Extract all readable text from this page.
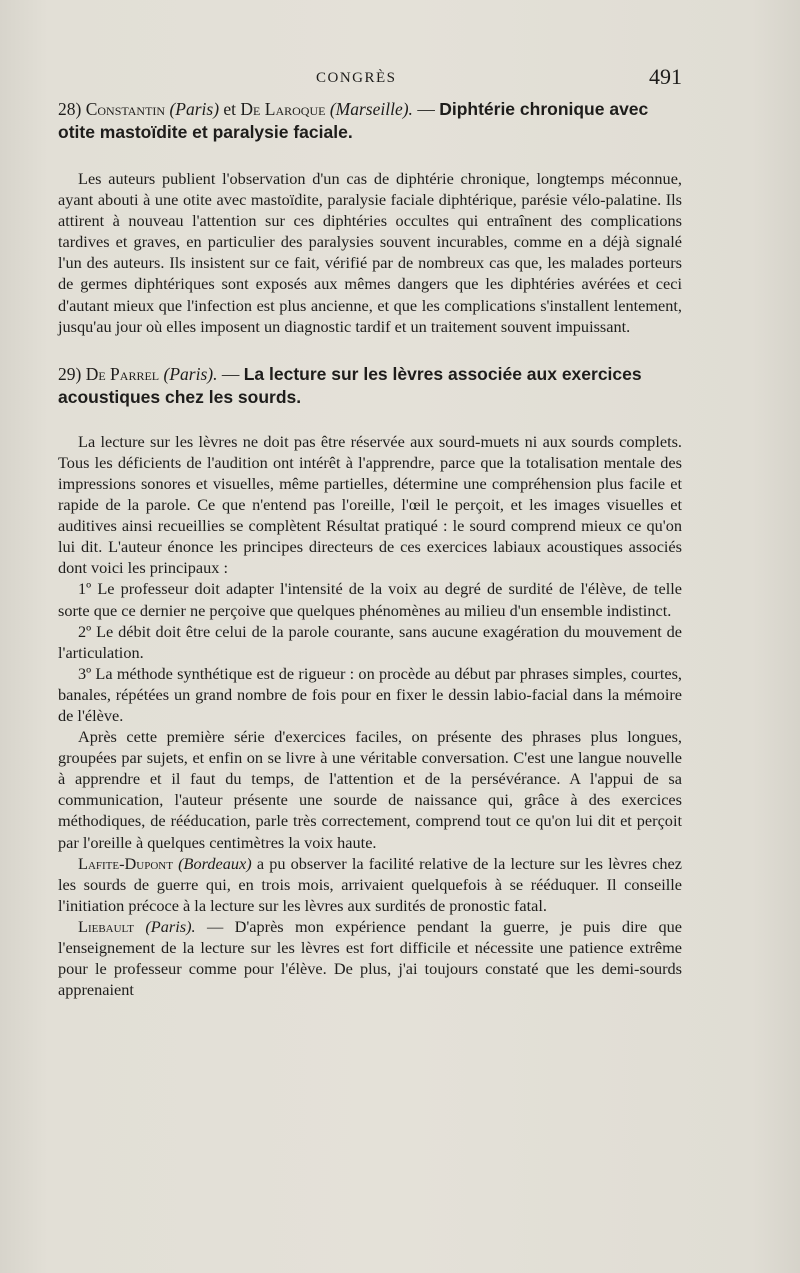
CONGRÈS	491
28) Constantin (Paris) et De Laroque (Marseille). — Diphtérie chronique avec otite mastoïdite et paralysie faciale.

Les auteurs publient l'observation d'un cas de diphtérie chronique, longtemps méconnue, ayant abouti à une otite avec mastoïdite, paralysie faciale diphtérique, parésie vélo-palatine. Ils attirent à nouveau l'attention sur ces diphtéries occultes qui entraînent des complications tardives et graves, en particulier des paralysies souvent incurables, comme en a déjà signalé l'un des auteurs. Ils insistent sur ce fait, vérifié par de nombreux cas que, les malades porteurs de germes diphtériques sont exposés aux mêmes dangers que les diphtéries avérées et ceci d'autant mieux que l'infection est plus ancienne, et que les complications s'installent lentement, jusqu'au jour où elles imposent un diagnostic tardif et un traitement souvent impuissant.

29) De Parrel (Paris). — La lecture sur les lèvres associée aux exercices acoustiques chez les sourds.

La lecture sur les lèvres ne doit pas être réservée aux sourd-muets ni aux sourds complets. Tous les déficients de l'audition ont intérêt à l'apprendre, parce que la totalisation mentale des impressions sonores et visuelles, même partielles, détermine une compréhension plus facile et rapide de la parole. Ce que n'entend pas l'oreille, l'œil le perçoit, et les images visuelles et auditives ainsi recueillies se complètent Résultat pratiqué : le sourd comprend mieux ce qu'on lui dit. L'auteur énonce les principes directeurs de ces exercices labiaux acoustiques associés dont voici les principaux :

1º Le professeur doit adapter l'intensité de la voix au degré de surdité de l'élève, de telle sorte que ce dernier ne perçoive que quelques phénomènes au milieu d'un ensemble indistinct.

2º Le débit doit être celui de la parole courante, sans aucune exagération du mouvement de l'articulation.

3º La méthode synthétique est de rigueur : on procède au début par phrases simples, courtes, banales, répétées un grand nombre de fois pour en fixer le dessin labio-facial dans la mémoire de l'élève.

Après cette première série d'exercices faciles, on présente des phrases plus longues, groupées par sujets, et enfin on se livre à une véritable conversation. C'est une langue nouvelle à apprendre et il faut du temps, de l'attention et de la persévérance. A l'appui de sa communication, l'auteur présente une sourde de naissance qui, grâce à des exercices méthodiques, de rééducation, parle très correctement, comprend tout ce qu'on lui dit et perçoit par l'oreille à quelques centimètres la voix haute.

Lafite-Dupont (Bordeaux) a pu observer la facilité relative de la lecture sur les lèvres chez les sourds de guerre qui, en trois mois, arrivaient quelquefois à se rééduquer. Il conseille l'initiation précoce à la lecture sur les lèvres aux surdités de pronostic fatal.

Liebault (Paris). — D'après mon expérience pendant la guerre, je puis dire que l'enseignement de la lecture sur les lèvres est fort difficile et nécessite une patience extrême pour le professeur comme pour l'élève. De plus, j'ai toujours constaté que les demi-sourds apprenaient
